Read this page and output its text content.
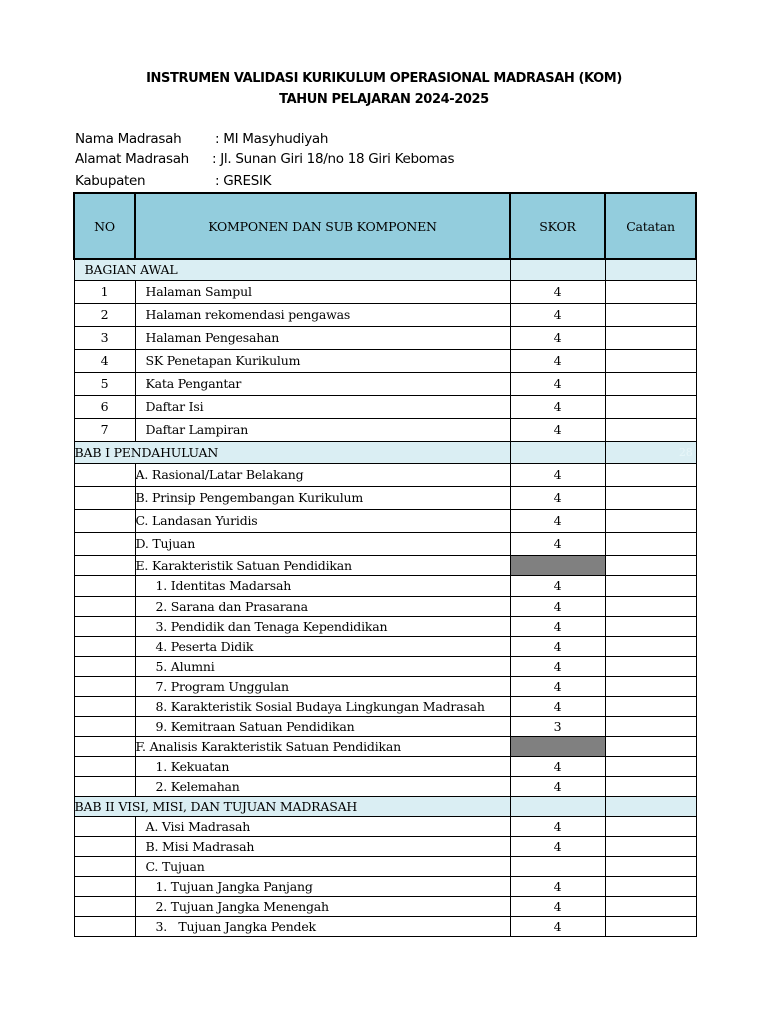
INSTRUMEN VALIDASI KURIKULUM OPERASIONAL MADRASAH (KOM)
TAHUN PELAJARAN 2024-2025
Nama Madrasah : MI Masyhudiyah
Alamat Madrasah : Jl. Sunan Giri 18/no 18 Giri Kebomas
Kabupaten	: GRESIK
NO	KOMPONEN DAN SUB KOMPONEN	SKOR	Catatan
BAGIAN AWAL			
1	Halaman Sampul	4	
2	Halaman rekomendasi pengawas	4	
3	Halaman Pengesahan	4	
4	SK Penetapan Kurikulum	4	
5	Kata Pengantar	4	
6	Daftar Isi	4	
7	Daftar Lampiran	4	
BAB I PENDAHULUAN			28
	A. Rasional/Latar Belakang	4	
	B. Prinsip Pengembangan Kurikulum	4	
	C. Landasan Yuridis	4	
	D. Tujuan	4	
	E. Karakteristik Satuan Pendidikan		
	1. Identitas Madarsah	4	
	2. Sarana dan Prasarana	4	
	3. Pendidik dan Tenaga Kependidikan	4	
	4. Peserta Didik	4	
	5. Alumni	4	
	7. Program Unggulan	4	
	8. Karakteristik Sosial Budaya Lingkungan Madrasah	4	
	9. Kemitraan Satuan Pendidikan	3	
	F. Analisis Karakteristik Satuan Pendidikan		
	1. Kekuatan	4	
	2. Kelemahan	4	
BAB II VISI, MISI, DAN TUJUAN MADRASAH			
	A. Visi Madrasah	4	
	B. Misi Madrasah	4	
	C. Tujuan		
	1. Tujuan Jangka Panjang	4	
	2. Tujuan Jangka Menengah	4	
	3.   Tujuan Jangka Pendek	4	
